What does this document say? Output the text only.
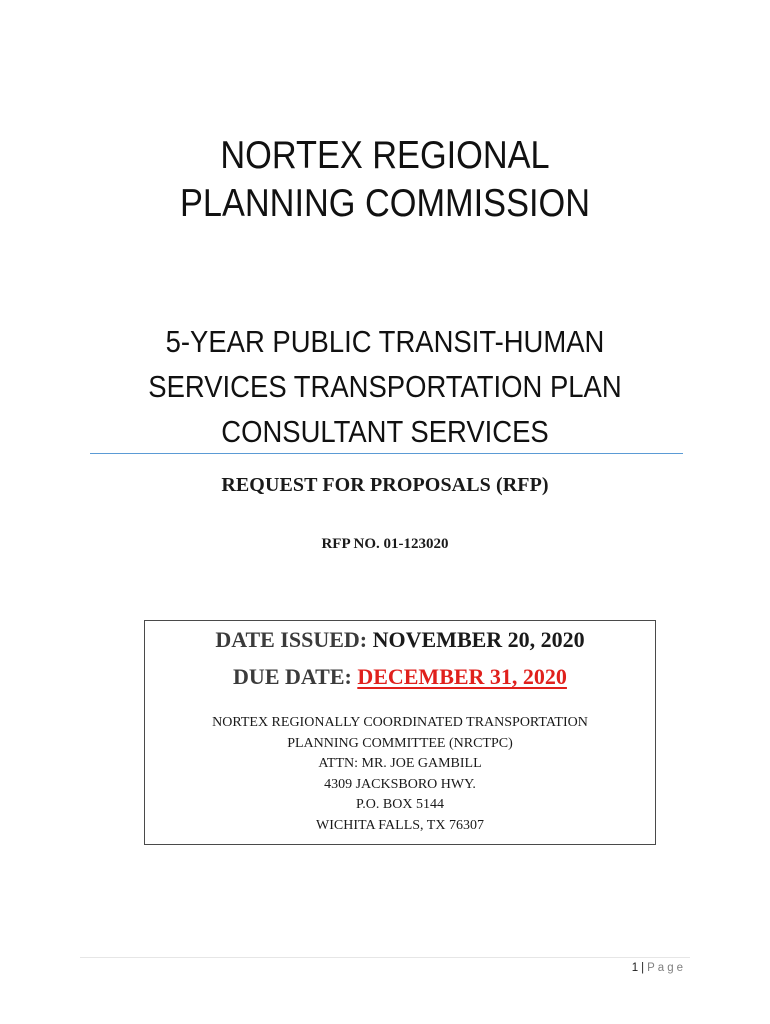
NORTEX REGIONAL
PLANNING COMMISSION
5-YEAR PUBLIC TRANSIT-HUMAN
SERVICES TRANSPORTATION PLAN
CONSULTANT SERVICES
REQUEST FOR PROPOSALS (RFP)
RFP NO. 01-123020
DATE ISSUED: NOVEMBER 20, 2020
DUE DATE: DECEMBER 31, 2020
NORTEX REGIONALLY COORDINATED TRANSPORTATION
PLANNING COMMITTEE (NRCTPC)
ATTN: MR. JOE GAMBILL
4309 JACKSBORO HWY.
P.O. BOX 5144
WICHITA FALLS, TX 76307
1 | Page
